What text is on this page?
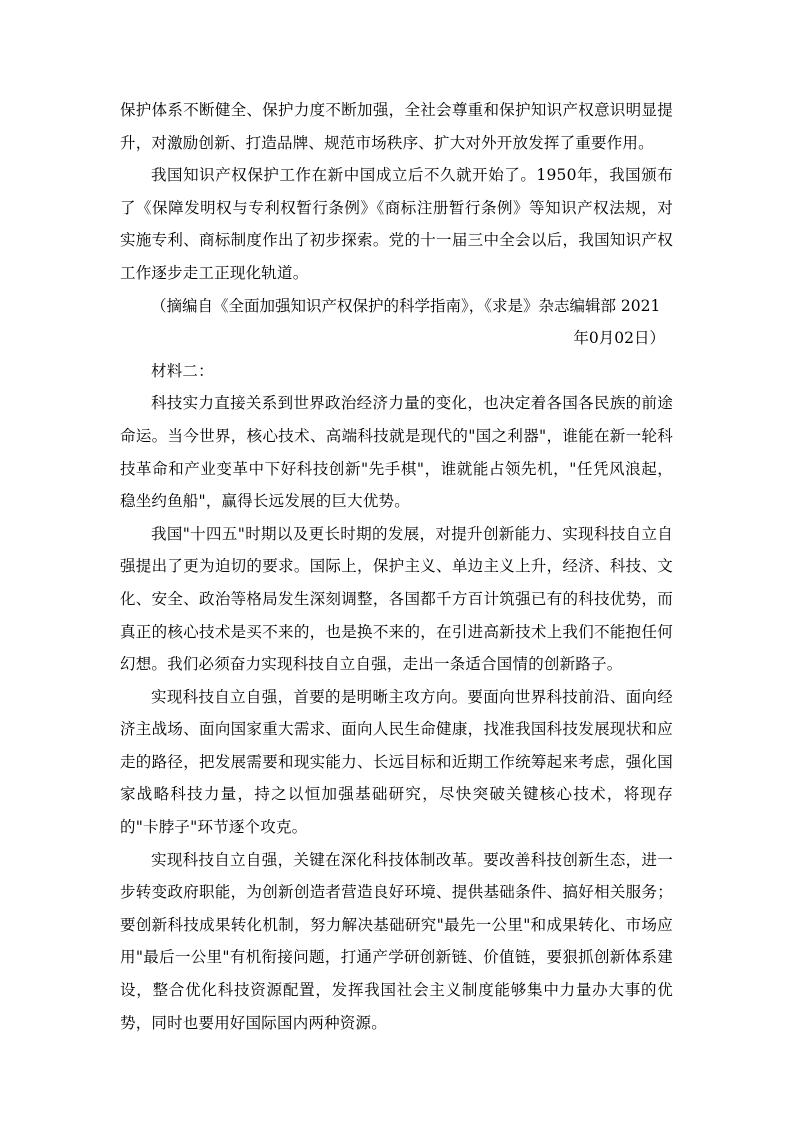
保护体系不断健全、保护力度不断加强，全社会尊重和保护知识产权意识明显提升，对激励创新、打造品牌、规范市场秩序、扩大对外开放发挥了重要作用。

我国知识产权保护工作在新中国成立后不久就开始了。1950年，我国颁布了《保障发明权与专利权暂行条例》《商标注册暂行条例》等知识产权法规，对实施专利、商标制度作出了初步探索。党的十一届三中全会以后，我国知识产权工作逐步走工正现化轨道。

（摘编自《全面加强知识产权保护的科学指南》，《求是》杂志编辑部 2021

年0月02日）

材料二：

科技实力直接关系到世界政治经济力量的变化，也决定着各国各民族的前途命运。当今世界，核心技术、高端科技就是现代的"国之利器"，谁能在新一轮科技革命和产业变革中下好科技创新"先手棋"，谁就能占领先机，"任凭风浪起，稳坐约鱼船"，赢得长远发展的巨大优势。

我国"十四五"时期以及更长时期的发展，对提升创新能力、实现科技自立自强提出了更为迫切的要求。国际上，保护主义、单边主义上升，经济、科技、文化、安全、政治等格局发生深刻调整，各国都千方百计筑强已有的科技优势，而真正的核心技术是买不来的，也是换不来的，在引进高新技术上我们不能抱任何幻想。我们必须奋力实现科技自立自强，走出一条适合国情的创新路子。

实现科技自立自强，首要的是明晰主攻方向。要面向世界科技前沿、面向经济主战场、面向国家重大需求、面向人民生命健康，找准我国科技发展现状和应走的路径，把发展需要和现实能力、长远目标和近期工作统筹起来考虑，强化国家战略科技力量，持之以恒加强基础研究，尽快突破关键核心技术，将现存的"卡脖子"环节逐个攻克。

实现科技自立自强，关键在深化科技体制改革。要改善科技创新生态，进一步转变政府职能，为创新创造者营造良好环境、提供基础条件、搞好相关服务；要创新科技成果转化机制，努力解决基础研究"最先一公里"和成果转化、市场应用"最后一公里"有机衔接问题，打通产学研创新链、价值链，要狠抓创新体系建设，整合优化科技资源配置，发挥我国社会主义制度能够集中力量办大事的优势，同时也要用好国际国内两种资源。
